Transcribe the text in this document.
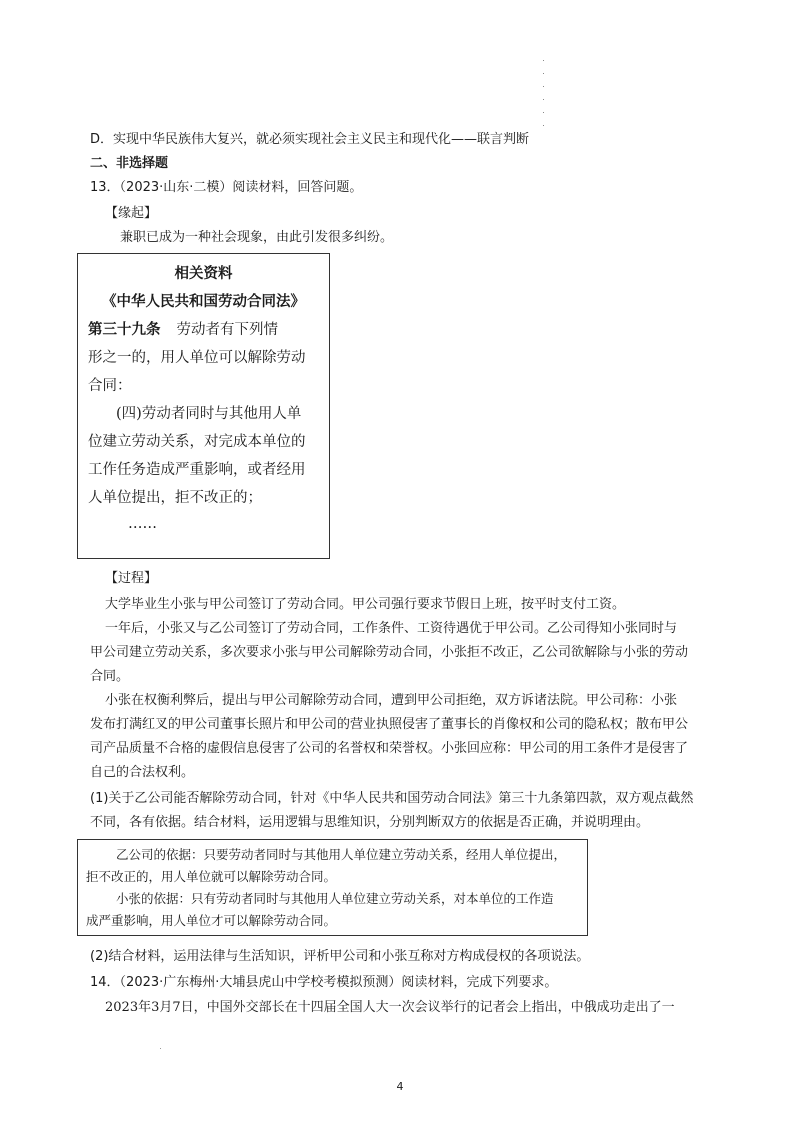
D．实现中华民族伟大复兴，就必须实现社会主义民主和现代化——联言判断
二、非选择题
13．（2023·山东·二模）阅读材料，回答问题。
【缘起】
兼职已成为一种社会现象，由此引发很多纠纷。
相关资料
《中华人民共和国劳动合同法》
第三十九条 劳动者有下列情
形之一的，用人单位可以解除劳动
合同：
(四)劳动者同时与其他用人单
位建立劳动关系，对完成本单位的
工作任务造成严重影响，或者经用
人单位提出，拒不改正的；
……
【过程】
大学毕业生小张与甲公司签订了劳动合同。甲公司强行要求节假日上班，按平时支付工资。
一年后，小张又与乙公司签订了劳动合同，工作条件、工资待遇优于甲公司。乙公司得知小张同时与
甲公司建立劳动关系，多次要求小张与甲公司解除劳动合同，小张拒不改正，乙公司欲解除与小张的劳动
合同。
小张在权衡利弊后，提出与甲公司解除劳动合同，遭到甲公司拒绝，双方诉诸法院。甲公司称：小张
发布打满红叉的甲公司董事长照片和甲公司的营业执照侵害了董事长的肖像权和公司的隐私权；散布甲公
司产品质量不合格的虚假信息侵害了公司的名誉权和荣誉权。小张回应称：甲公司的用工条件才是侵害了
自己的合法权利。
(1)关于乙公司能否解除劳动合同，针对《中华人民共和国劳动合同法》第三十九条第四款，双方观点截然
不同，各有依据。结合材料，运用逻辑与思维知识，分别判断双方的依据是否正确，并说明理由。
乙公司的依据：只要劳动者同时与其他用人单位建立劳动关系，经用人单位提出，
拒不改正的，用人单位就可以解除劳动合同。
小张的依据：只有劳动者同时与其他用人单位建立劳动关系，对本单位的工作造
成严重影响，用人单位才可以解除劳动合同。
(2)结合材料，运用法律与生活知识，评析甲公司和小张互称对方构成侵权的各项说法。
14．（2023·广东梅州·大埔县虎山中学校考模拟预测）阅读材料，完成下列要求。
2023年3月7日，中国外交部长在十四届全国人大一次会议举行的记者会上指出，中俄成功走出了一
4
